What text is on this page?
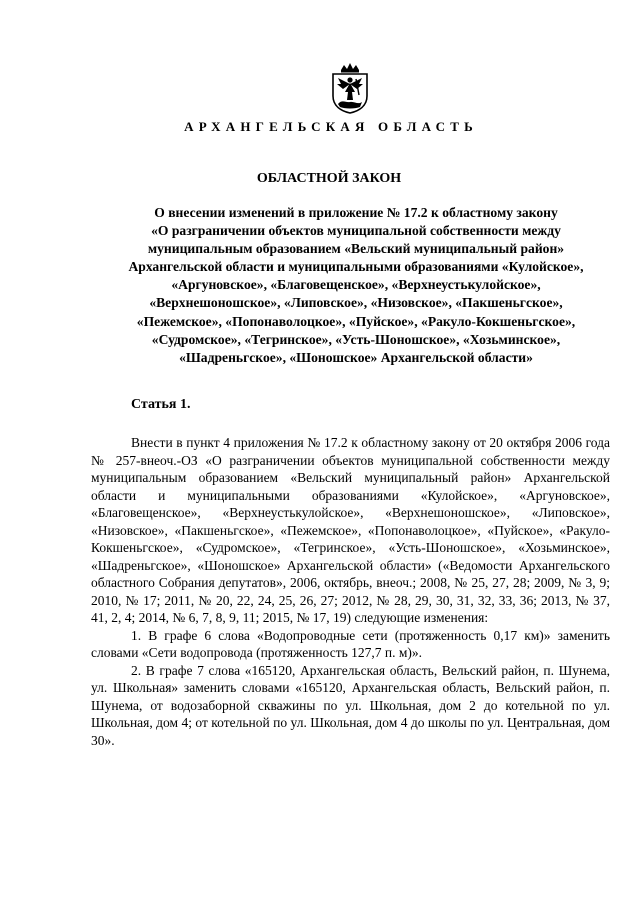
АРХАНГЕЛЬСКАЯ ОБЛАСТЬ
ОБЛАСТНОЙ ЗАКОН
О внесении изменений в приложение № 17.2 к областному закону
«О разграничении объектов муниципальной собственности между
муниципальным образованием «Вельский муниципальный район»
Архангельской области и муниципальными образованиями «Кулойское»,
«Аргуновское», «Благовещенское», «Верхнеустькулойское»,
«Верхнешоношское», «Липовское», «Низовское», «Пакшеньгское»,
«Пежемское», «Попонаволоцкое», «Пуйское», «Ракуло-Кокшеньгское»,
«Судромское», «Тегринское», «Усть-Шоношское», «Хозьминское»,
«Шадреньгское», «Шоношское» Архангельской области»
Статья 1.

Внести в пункт 4 приложения № 17.2 к областному закону от 20 октября 2006 года № 257-внеоч.-ОЗ «О разграничении объектов муниципальной собственности между муниципальным образованием «Вельский муниципальный район» Архангельской области и муниципальными образованиями «Кулойское», «Аргуновское», «Благовещенское», «Верхнеустькулойское», «Верхнешоношское», «Липовское», «Низовское», «Пакшеньгское», «Пежемское», «Попонаволоцкое», «Пуйское», «Ракуло-Кокшеньгское», «Судромское», «Тегринское», «Усть-Шоношское», «Хозьминское», «Шадреньгское», «Шоношское» Архангельской области» («Ведомости Архангельского областного Собрания депутатов», 2006, октябрь, внеоч.; 2008, № 25, 27, 28; 2009, № 3, 9; 2010, № 17; 2011, № 20, 22, 24, 25, 26, 27; 2012, № 28, 29, 30, 31, 32, 33, 36; 2013, № 37, 41, 2, 4; 2014, № 6, 7, 8, 9, 11; 2015, № 17, 19) следующие изменения:

1. В графе 6 слова «Водопроводные сети (протяженность 0,17 км)» заменить словами «Сети водопровода (протяженность 127,7 п. м)».

2. В графе 7 слова «165120, Архангельская область, Вельский район, п. Шунема, ул. Школьная» заменить словами «165120, Архангельская область, Вельский район, п. Шунема, от водозаборной скважины по ул. Школьная, дом 2 до котельной по ул. Школьная, дом 4; от котельной по ул. Школьная, дом 4 до школы по ул. Центральная, дом 30».
